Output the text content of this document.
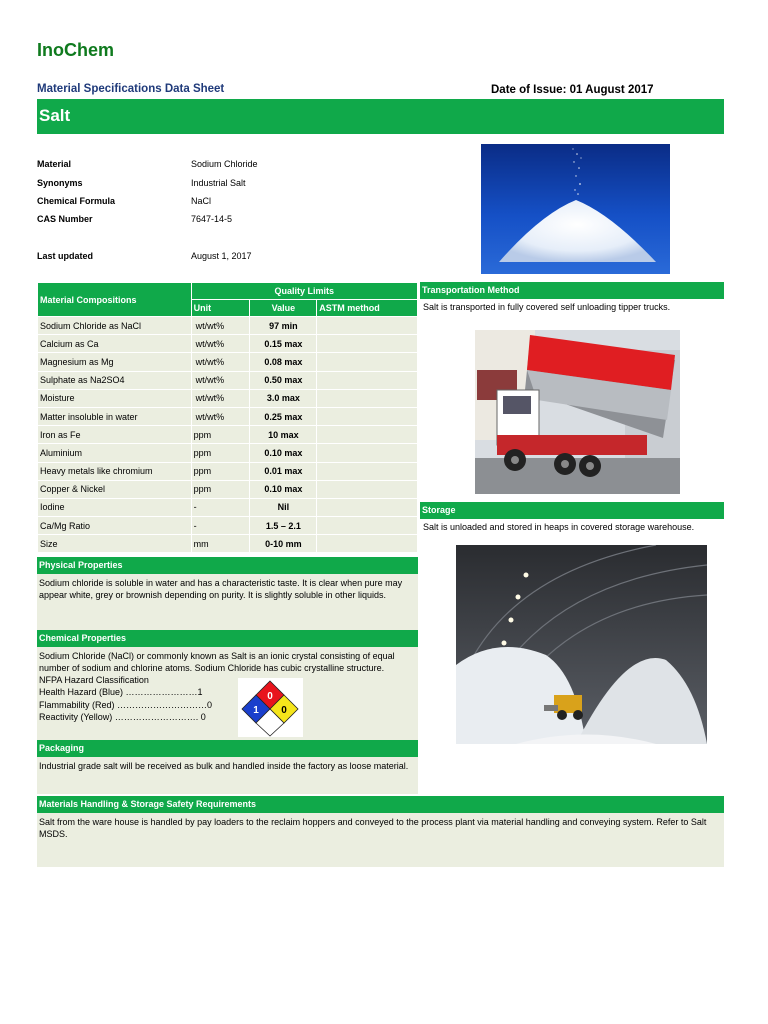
InoChem
Material Specifications Data Sheet	Date of Issue: 01 August 2017
Salt
Material	Sodium Chloride
Synonyms	Industrial Salt
Chemical Formula	NaCl
CAS Number	7647-14-5
Last updated	August 1, 2017
Material Compositions	Quality Limits		
	Unit	Value	ASTM method
Sodium Chloride as NaCl	wt/wt%	97 min	
Calcium as Ca	wt/wt%	0.15 max	
Magnesium as Mg	wt/wt%	0.08 max	
Sulphate as Na2SO4	wt/wt%	0.50 max	
Moisture	wt/wt%	3.0 max	
Matter insoluble in water	wt/wt%	0.25 max	
Iron as Fe	ppm	10 max	
Aluminium	ppm	0.10 max	
Heavy metals like chromium	ppm	0.01 max	
Copper & Nickel	ppm	0.10 max	
Iodine	-	Nil	
Ca/Mg Ratio	-	1.5 – 2.1	
Size	mm	0-10 mm	
Physical Properties
Sodium chloride is soluble in water and has a characteristic taste. It is clear when pure may appear white, grey or brownish depending on purity. It is slightly soluble in other liquids.
Chemical Properties
Sodium Chloride (NaCl) or commonly known as Salt is an ionic crystal consisting of equal number of sodium and chlorine atoms. Sodium Chloride has cubic crystalline structure.
NFPA Hazard Classification
Health Hazard (Blue) ……………………1
Flammability (Red) …………………………0
Reactivity (Yellow) ………………………. 0
0
1 0
Packaging
Industrial grade salt will be received as bulk and handled inside the factory as loose material.
Transportation Method
Salt is transported in fully covered self unloading tipper trucks.
Storage
Salt is unloaded and stored in heaps in covered storage warehouse.
Materials Handling & Storage Safety Requirements
Salt from the ware house is handled by pay loaders to the reclaim hoppers and conveyed to the process plant via material handling and conveying system. Refer to Salt MSDS.
